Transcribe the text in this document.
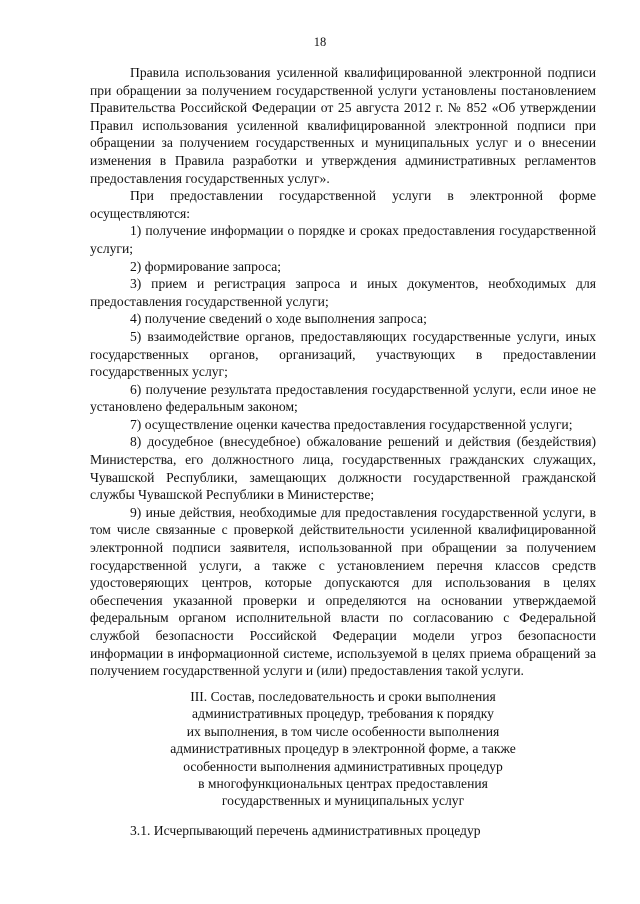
18

Правила использования усиленной квалифицированной электронной подписи при обращении за получением государственной услуги установлены постановлением Правительства Российской Федерации от 25 августа 2012 г. № 852 «Об утверждении Правил использования усиленной квалифицированной электронной подписи при обращении за получением государственных и муниципальных услуг и о внесении изменения в Правила разработки и утверждения административных регламентов предоставления государственных услуг».

При предоставлении государственной услуги в электронной форме осуществляются:

1) получение информации о порядке и сроках предоставления государственной услуги;

2) формирование запроса;

3) прием и регистрация запроса и иных документов, необходимых для предоставления государственной услуги;

4) получение сведений о ходе выполнения запроса;

5) взаимодействие органов, предоставляющих государственные услуги, иных государственных органов, организаций, участвующих в предоставлении государственных услуг;

6) получение результата предоставления государственной услуги, если иное не установлено федеральным законом;

7) осуществление оценки качества предоставления государственной услуги;

8) досудебное (внесудебное) обжалование решений и действия (бездействия) Министерства, его должностного лица, государственных гражданских служащих, Чувашской Республики, замещающих должности государственной гражданской службы Чувашской Республики в Министерстве;

9) иные действия, необходимые для предоставления государственной услуги, в том числе связанные с проверкой действительности усиленной квалифицированной электронной подписи заявителя, использованной при обращении за получением государственной услуги, а также с установлением перечня классов средств удостоверяющих центров, которые допускаются для использования в целях обеспечения указанной проверки и определяются на основании утверждаемой федеральным органом исполнительной власти по согласованию с Федеральной службой безопасности Российской Федерации модели угроз безопасности информации в информационной системе, используемой в целях приема обращений за получением государственной услуги и (или) предоставления такой услуги.

III. Состав, последовательность и сроки выполнения
административных процедур, требования к порядку
их выполнения, в том числе особенности выполнения
административных процедур в электронной форме, а также
особенности выполнения административных процедур
в многофункциональных центрах предоставления
государственных и муниципальных услуг

3.1. Исчерпывающий перечень административных процедур
